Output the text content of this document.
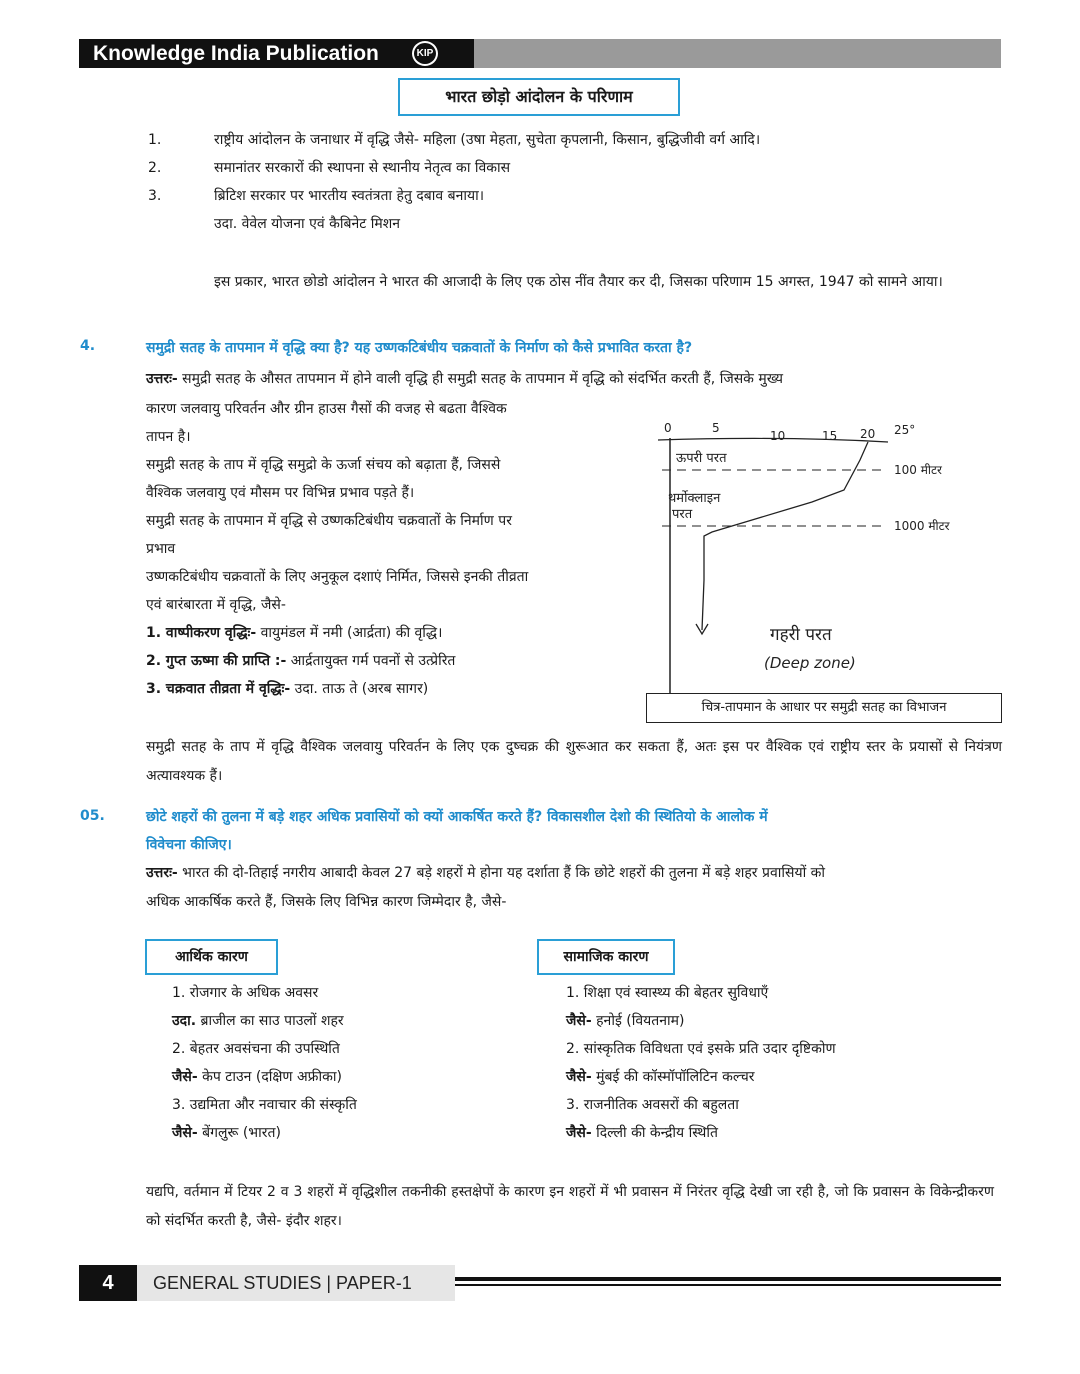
Knowledge India Publication	KIP
भारत छोड़ो आंदोलन के परिणाम
1.	राष्ट्रीय आंदोलन के जनाधार में वृद्धि जैसे- महिला (उषा मेहता, सुचेता कृपलानी, किसान, बुद्धिजीवी वर्ग आदि।
2.	समानांतर सरकारों की स्थापना से स्थानीय नेतृत्व का विकास
3.	ब्रिटिश सरकार पर भारतीय स्वतंत्रता हेतु दबाव बनाया।
उदा. वेवेल योजना एवं कैबिनेट मिशन
इस प्रकार, भारत छोडो आंदोलन ने भारत की आजादी के लिए एक ठोस नींव तैयार कर दी, जिसका परिणाम 15 अगस्त, 1947 को सामने आया।
4.	समुद्री सतह के तापमान में वृद्धि क्या है? यह उष्णकटिबंधीय चक्रवातों के निर्माण को कैसे प्रभावित करता है?
उत्तरः- समुद्री सतह के औसत तापमान में होने वाली वृद्धि ही समुद्री सतह के तापमान में वृद्धि को संदर्भित करती हैं, जिसके मुख्य
कारण जलवायु परिवर्तन और ग्रीन हाउस गैसों की वजह से बढता वैश्विक
तापन है।
समुद्री सतह के ताप में वृद्धि समुद्रो के ऊर्जा संचय को बढ़ाता हैं, जिससे
वैश्विक जलवायु एवं मौसम पर विभिन्न प्रभाव पड़ते हैं।
समुद्री सतह के तापमान में वृद्धि से उष्णकटिबंधीय चक्रवातों के निर्माण पर
प्रभाव
उष्णकटिबंधीय चक्रवातों के लिए अनुकूल दशाएं निर्मित, जिससे इनकी तीव्रता
एवं बारंबारता में वृद्धि, जैसे-
1. वाष्पीकरण वृद्धिः- वायुमंडल में नमी (आर्द्रता) की वृद्धि।
2. गुप्त ऊष्मा की प्राप्ति :- आर्द्रतायुक्त गर्म पवनों से उत्प्रेरित
3. चक्रवात तीव्रता में वृद्धिः- उदा. ताऊ ते (अरब सागर)
0	5
10	15 20 25°
ऊपरी परत
100 मीटर
थर्मोक्लाइन
परत
1000 मीटर
गहरी परत
(Deep zone)
चित्र-तापमान के आधार पर समुद्री सतह का विभाजन
समुद्री सतह के ताप में वृद्धि वैश्विक जलवायु परिवर्तन के लिए एक दुष्चक्र की शुरूआत कर सकता हैं, अतः इस पर वैश्विक एवं राष्ट्रीय स्तर के प्रयासों से नियंत्रण अत्यावश्यक हैं।
05.	छोटे शहरों की तुलना में बड़े शहर अधिक प्रवासियों को क्यों आकर्षित करते हैं? विकासशील देशो की स्थितियो के आलोक में
विवेचना कीजिए।
उत्तरः- भारत की दो-तिहाई नगरीय आबादी केवल 27 बड़े शहरों मे होना यह दर्शाता हैं कि छोटे शहरों की तुलना में बड़े शहर प्रवासियों को
अधिक आकर्षिक करते हैं, जिसके लिए विभिन्न कारण जिम्मेदार है, जैसे-
आर्थिक कारण	सामाजिक कारण
1. रोजगार के अधिक अवसर
उदा. ब्राजील का साउ पाउलों शहर
2. बेहतर अवसंचना की उपस्थिति
जैसे- केप टाउन (दक्षिण अफ्रीका)
3. उद्यमिता और नवाचार की संस्कृति
जैसे- बेंगलुरू (भारत)
1. शिक्षा एवं स्वास्थ्य की बेहतर सुविधाएँ
जैसे- हनोई (वियतनाम)
2. सांस्कृतिक विविधता एवं इसके प्रति उदार दृष्टिकोण
जैसे- मुंबई की कॉस्मॉपॉलिटिन कल्चर
3. राजनीतिक अवसरों की बहुलता
जैसे- दिल्ली की केन्द्रीय स्थिति
यद्यपि, वर्तमान में टियर 2 व 3 शहरों में वृद्धिशील तकनीकी हस्तक्षेपों के कारण इन शहरों में भी प्रवासन में निरंतर वृद्धि देखी जा रही है, जो कि प्रवासन के विकेन्द्रीकरण को संदर्भित करती है, जैसे- इंदौर शहर।
4	GENERAL STUDIES | PAPER-1
